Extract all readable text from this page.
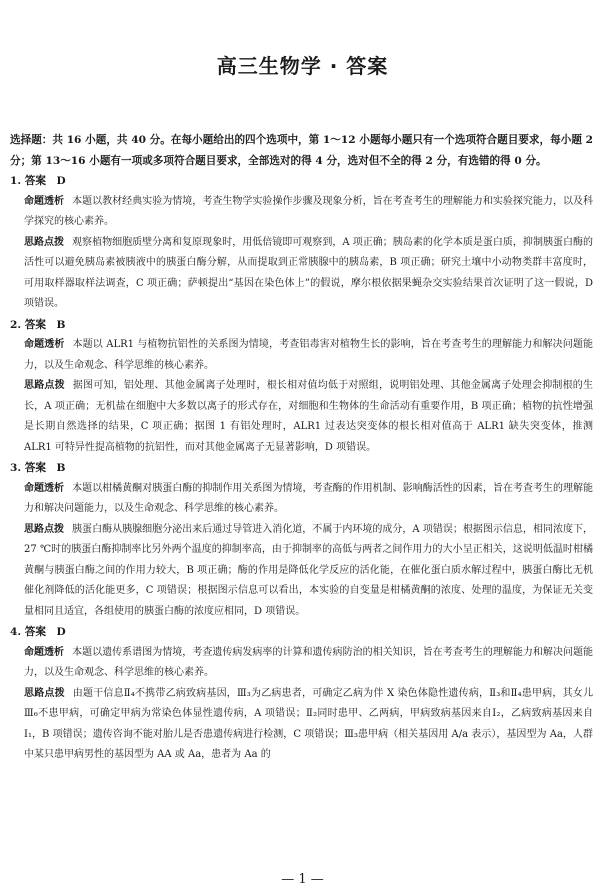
高三生物学 · 答案
选择题：共 16 小题，共 40 分。在每小题给出的四个选项中，第 1～12 小题每小题只有一个选项符合题目要求，每小题 2 分；第 13～16 小题有一项或多项符合题目要求，全部选对的得 4 分，选对但不全的得 2 分，有选错的得 0 分。
1. 答案　D
命题透析 本题以教材经典实验为情境，考查生物学实验操作步骤及现象分析，旨在考查考生的理解能力和实验探究能力，以及科学探究的核心素养。
思路点拨 观察植物细胞质壁分离和复原现象时，用低倍镜即可观察到，A 项正确；胰岛素的化学本质是蛋白质，抑制胰蛋白酶的活性可以避免胰岛素被胰液中的胰蛋白酶分解，从而提取到正常胰腺中的胰岛素，B 项正确；研究土壤中小动物类群丰富度时，可用取样器取样法调查，C 项正确；萨顿提出“基因在染色体上”的假说，摩尔根依据果蝇杂交实验结果首次证明了这一假说，D 项错误。
2. 答案　B
命题透析 本题以 ALR1 与植物抗铝性的关系图为情境，考查铝毒害对植物生长的影响，旨在考查考生的理解能力和解决问题能力，以及生命观念、科学思维的核心素养。
思路点拨 据图可知，铝处理、其他金属离子处理时，根长相对值均低于对照组，说明铝处理、其他金属离子处理会抑制根的生长，A 项正确；无机盐在细胞中大多数以离子的形式存在，对细胞和生物体的生命活动有重要作用，B 项正确；植物的抗性增强是长期自然选择的结果，C 项正确；据图 1 有铝处理时，ALR1 过表达突变体的根长相对值高于 ALR1 缺失突变体，推测 ALR1 可特异性提高植物的抗铝性，而对其他金属离子无显著影响，D 项错误。
3. 答案　B
命题透析 本题以柑橘黄酮对胰蛋白酶的抑制作用关系图为情境，考查酶的作用机制、影响酶活性的因素，旨在考查考生的理解能力和解决问题能力，以及生命观念、科学思维的核心素养。
思路点拨 胰蛋白酶从胰腺细胞分泌出来后通过导管进入消化道，不属于内环境的成分，A 项错误；根据图示信息，相同浓度下，27 ℃时的胰蛋白酶抑制率比另外两个温度的抑制率高，由于抑制率的高低与两者之间作用力的大小呈正相关，这说明低温时柑橘黄酮与胰蛋白酶之间的作用力较大，B 项正确；酶的作用是降低化学反应的活化能，在催化蛋白质水解过程中，胰蛋白酶比无机催化剂降低的活化能更多，C 项错误；根据图示信息可以看出，本实验的自变量是柑橘黄酮的浓度、处理的温度，为保证无关变量相同且适宜，各组使用的胰蛋白酶的浓度应相同，D 项错误。
4. 答案　D
命题透析 本题以遗传系谱图为情境，考查遗传病发病率的计算和遗传病防治的相关知识，旨在考查考生的理解能力和解决问题能力，以及生命观念、科学思维的核心素养。
思路点拨 由题干信息Ⅱ₄不携带乙病致病基因，Ⅲ₃为乙病患者，可确定乙病为伴 X 染色体隐性遗传病，Ⅱ₃和Ⅱ₄患甲病，其女儿Ⅲ₆不患甲病，可确定甲病为常染色体显性遗传病，A 项错误；Ⅱ₂同时患甲、乙两病，甲病致病基因来自Ⅰ₂，乙病致病基因来自Ⅰ₁，B 项错误；遗传咨询不能对胎儿是否患遗传病进行检测，C 项错误；Ⅲ₃患甲病（相关基因用 A/a 表示），基因型为 Aa，人群中某只患甲病男性的基因型为 AA 或 Aa，患者为 Aa 的
— 1 —
